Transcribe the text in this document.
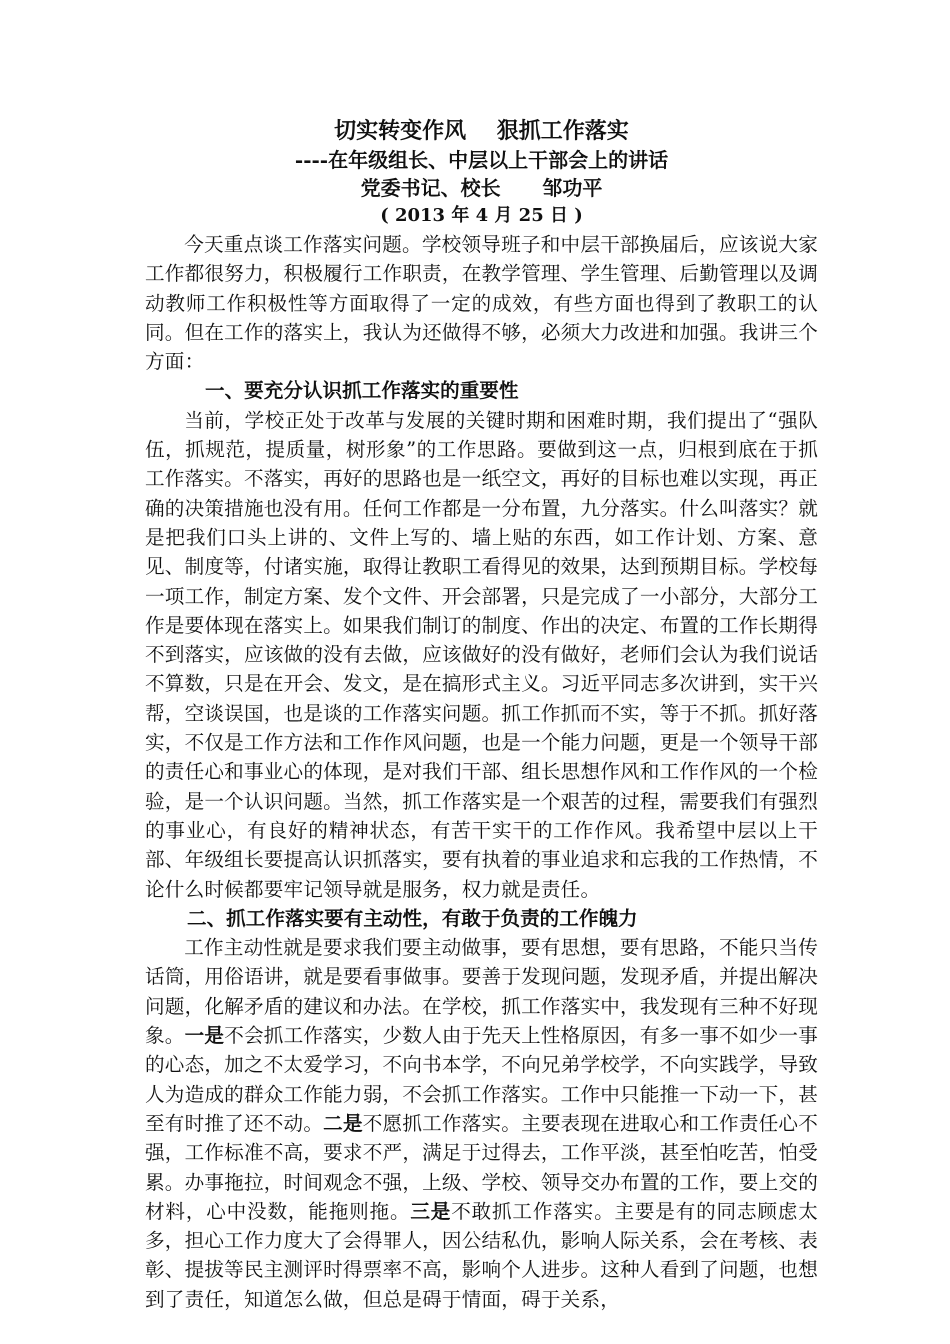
切实转变作风    狠抓工作落实

----在年级组长、中层以上干部会上的讲话

党委书记、校长      邹功平

( 2013 年 4 月 25 日 )

今天重点谈工作落实问题。学校领导班子和中层干部换届后，应该说大家工作都很努力，积极履行工作职责，在教学管理、学生管理、后勤管理以及调动教师工作积极性等方面取得了一定的成效，有些方面也得到了教职工的认同。但在工作的落实上，我认为还做得不够，必须大力改进和加强。我讲三个方面：

一、要充分认识抓工作落实的重要性

当前，学校正处于改革与发展的关键时期和困难时期，我们提出了“强队伍，抓规范，提质量，树形象”的工作思路。要做到这一点，归根到底在于抓工作落实。不落实，再好的思路也是一纸空文，再好的目标也难以实现，再正确的决策措施也没有用。任何工作都是一分布置，九分落实。什么叫落实？就是把我们口头上讲的、文件上写的、墙上贴的东西，如工作计划、方案、意见、制度等，付诸实施，取得让教职工看得见的效果，达到预期目标。学校每一项工作，制定方案、发个文件、开会部署，只是完成了一小部分，大部分工作是要体现在落实上。如果我们制订的制度、作出的决定、布置的工作长期得不到落实，应该做的没有去做，应该做好的没有做好，老师们会认为我们说话不算数，只是在开会、发文，是在搞形式主义。习近平同志多次讲到，实干兴帮，空谈误国，也是谈的工作落实问题。抓工作抓而不实，等于不抓。抓好落实，不仅是工作方法和工作作风问题，也是一个能力问题，更是一个领导干部的责任心和事业心的体现，是对我们干部、组长思想作风和工作作风的一个检验，是一个认识问题。当然，抓工作落实是一个艰苦的过程，需要我们有强烈的事业心，有良好的精神状态，有苦干实干的工作作风。我希望中层以上干部、年级组长要提高认识抓落实，要有执着的事业追求和忘我的工作热情，不论什么时候都要牢记领导就是服务，权力就是责任。

二、抓工作落实要有主动性，有敢于负责的工作魄力

工作主动性就是要求我们要主动做事，要有思想，要有思路，不能只当传话筒，用俗语讲，就是要看事做事。要善于发现问题，发现矛盾，并提出解决问题，化解矛盾的建议和办法。在学校，抓工作落实中，我发现有三种不好现象。一是不会抓工作落实，少数人由于先天上性格原因，有多一事不如少一事的心态，加之不太爱学习，不向书本学，不向兄弟学校学，不向实践学，导致人为造成的群众工作能力弱，不会抓工作落实。工作中只能推一下动一下，甚至有时推了还不动。二是不愿抓工作落实。主要表现在进取心和工作责任心不强，工作标准不高，要求不严，满足于过得去，工作平淡，甚至怕吃苦，怕受累。办事拖拉，时间观念不强，上级、学校、领导交办布置的工作，要上交的材料，心中没数，能拖则拖。三是不敢抓工作落实。主要是有的同志顾虑太多，担心工作力度大了会得罪人，因公结私仇，影响人际关系，会在考核、表彰、提拔等民主测评时得票率不高，影响个人进步。这种人看到了问题，也想到了责任，知道怎么做，但总是碍于情面，碍于关系，
